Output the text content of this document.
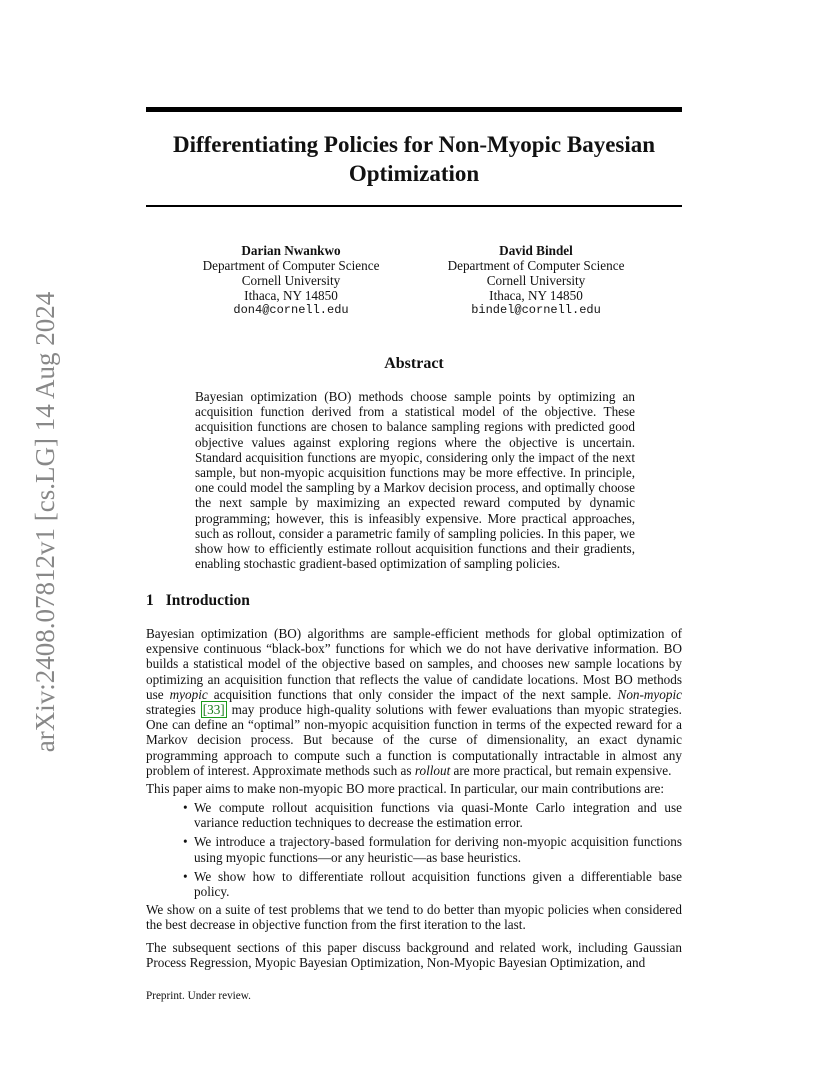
arXiv:2408.07812v1 [cs.LG] 14 Aug 2024
Differentiating Policies for Non-Myopic Bayesian Optimization
Darian Nwankwo
Department of Computer Science
Cornell University
Ithaca, NY 14850
don4@cornell.edu
David Bindel
Department of Computer Science
Cornell University
Ithaca, NY 14850
bindel@cornell.edu
Abstract
Bayesian optimization (BO) methods choose sample points by optimizing an acquisition function derived from a statistical model of the objective. These acquisition functions are chosen to balance sampling regions with predicted good objective values against exploring regions where the objective is uncertain. Standard acquisition functions are myopic, considering only the impact of the next sample, but non-myopic acquisition functions may be more effective. In principle, one could model the sampling by a Markov decision process, and optimally choose the next sample by maximizing an expected reward computed by dynamic programming; however, this is infeasibly expensive. More practical approaches, such as rollout, consider a parametric family of sampling policies. In this paper, we show how to efficiently estimate rollout acquisition functions and their gradients, enabling stochastic gradient-based optimization of sampling policies.
1 Introduction
Bayesian optimization (BO) algorithms are sample-efficient methods for global optimization of expensive continuous “black-box” functions for which we do not have derivative information. BO builds a statistical model of the objective based on samples, and chooses new sample locations by optimizing an acquisition function that reflects the value of candidate locations. Most BO methods use myopic acquisition functions that only consider the impact of the next sample. Non-myopic strategies [33] may produce high-quality solutions with fewer evaluations than myopic strategies. One can define an “optimal” non-myopic acquisition function in terms of the expected reward for a Markov decision process. But because of the curse of dimensionality, an exact dynamic programming approach to compute such a function is computationally intractable in almost any problem of interest. Approximate methods such as rollout are more practical, but remain expensive.
This paper aims to make non-myopic BO more practical. In particular, our main contributions are:
• We compute rollout acquisition functions via quasi-Monte Carlo integration and use variance reduction techniques to decrease the estimation error.
• We introduce a trajectory-based formulation for deriving non-myopic acquisition functions using myopic functions—or any heuristic—as base heuristics.
• We show how to differentiate rollout acquisition functions given a differentiable base policy.
We show on a suite of test problems that we tend to do better than myopic policies when considered the best decrease in objective function from the first iteration to the last.
The subsequent sections of this paper discuss background and related work, including Gaussian Process Regression, Myopic Bayesian Optimization, Non-Myopic Bayesian Optimization, and
Preprint. Under review.
